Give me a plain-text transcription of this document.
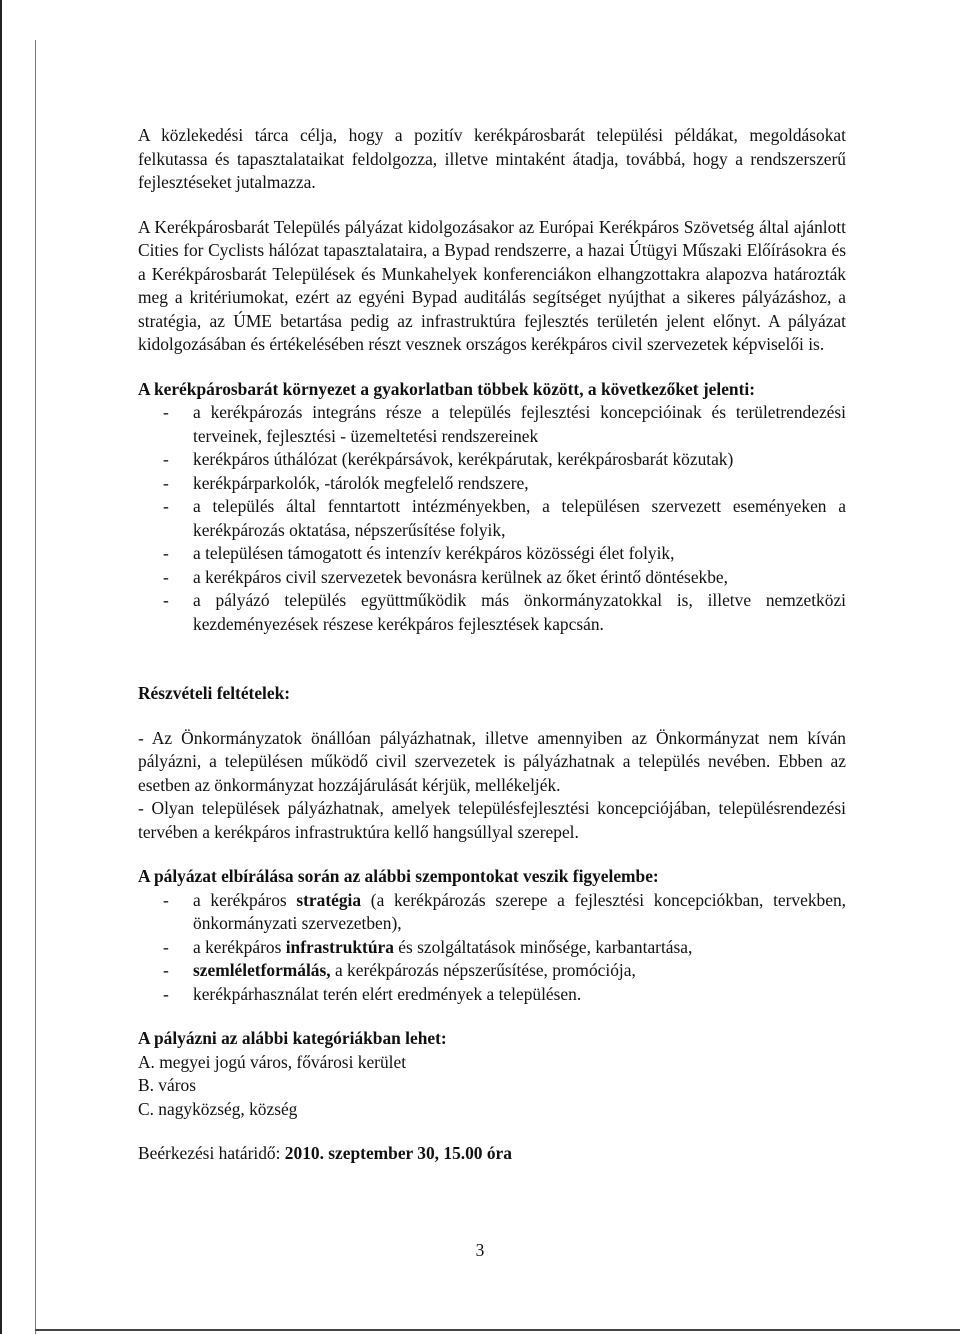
A közlekedési tárca célja, hogy a pozitív kerékpárosbarát települési példákat, megoldásokat felkutassa és tapasztalataikat feldolgozza, illetve mintaként átadja, továbbá, hogy a rendszerszerű fejlesztéseket jutalmazza.

A Kerékpárosbarát Település pályázat kidolgozásakor az Európai Kerékpáros Szövetség által ajánlott Cities for Cyclists hálózat tapasztalataira, a Bypad rendszerre, a hazai Útügyi Műszaki Előírásokra és a Kerékpárosbarát Települések és Munkahelyek konferenciákon elhangzottakra alapozva határozták meg a kritériumokat, ezért az egyéni Bypad auditálás segítséget nyújthat a sikeres pályázáshoz, a stratégia, az ÚME betartása pedig az infrastruktúra fejlesztés területén jelent előnyt. A pályázat kidolgozásában és értékelésében részt vesznek országos kerékpáros civil szervezetek képviselői is.

A kerékpárosbarát környezet a gyakorlatban többek között, a következőket jelenti:

- a kerékpározás integráns része a település fejlesztési koncepcióinak és területrendezési terveinek, fejlesztési - üzemeltetési rendszereinek
- kerékpáros úthálózat (kerékpársávok, kerékpárutak, kerékpárosbarát közutak)
- kerékpárparkolók, -tárolók megfelelő rendszere,
- a település által fenntartott intézményekben, a településen szervezett eseményeken a kerékpározás oktatása, népszerűsítése folyik,
- a településen támogatott és intenzív kerékpáros közösségi élet folyik,
- a kerékpáros civil szervezetek bevonásra kerülnek az őket érintő döntésekbe,
- a pályázó település együttműködik más önkormányzatokkal is, illetve nemzetközi kezdeményezések részese kerékpáros fejlesztések kapcsán.

Részvételi feltételek:

- Az Önkormányzatok önállóan pályázhatnak, illetve amennyiben az Önkormányzat nem kíván pályázni, a településen működő civil szervezetek is pályázhatnak a település nevében. Ebben az esetben az önkormányzat hozzájárulását kérjük, mellékeljék.

- Olyan települések pályázhatnak, amelyek településfejlesztési koncepciójában, településrendezési tervében a kerékpáros infrastruktúra kellő hangsúllyal szerepel.

A pályázat elbírálása során az alábbi szempontokat veszik figyelembe:

- a kerékpáros stratégia (a kerékpározás szerepe a fejlesztési koncepciókban, tervekben, önkormányzati szervezetben),
- a kerékpáros infrastruktúra és szolgáltatások minősége, karbantartása,
- szemléletformálás, a kerékpározás népszerűsítése, promóciója,
- kerékpárhasználat terén elért eredmények a településen.

A pályázni az alábbi kategóriákban lehet:

A. megyei jogú város, fővárosi kerület

B. város

C. nagyközség, község

Beérkezési határidő: 2010. szeptember 30, 15.00 óra

3
